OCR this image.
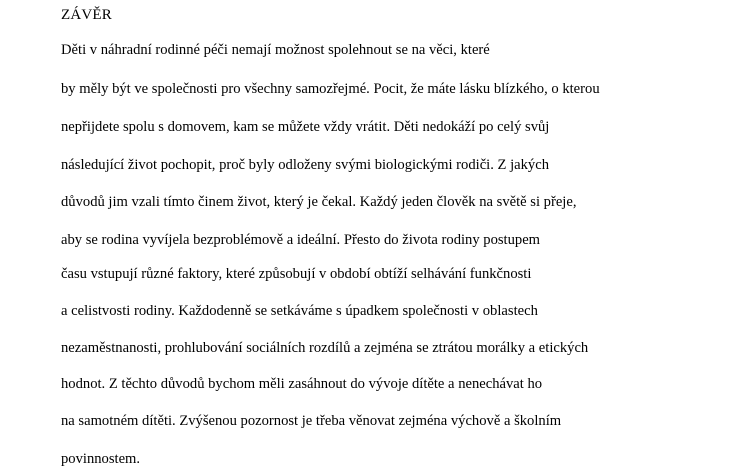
ZÁVĚR
Děti v náhradní rodinné péči nemají možnost spolehnout se na věci, které
by měly být ve společnosti pro všechny samozřejmé. Pocit, že máte lásku blízkého, o kterou
nepřijdete spolu s domovem, kam se můžete vždy vrátit. Děti nedokáží po celý svůj
následující život pochopit, proč byly odloženy svými biologickými rodiči. Z jakých
důvodů jim vzali tímto činem život, který je čekal. Každý jeden člověk na světě si přeje,
aby se rodina vyvíjela bezproblémově a ideální. Přesto do života rodiny postupem
času vstupují různé faktory, které způsobují v období obtíží selhávání funkčnosti
a celistvosti rodiny. Každodenně se setkáváme s úpadkem společnosti v oblastech
nezaměstnanosti, prohlubování sociálních rozdílů a zejména se ztrátou morálky a etických
hodnot. Z těchto důvodů bychom měli zasáhnout do vývoje dítěte a nenechávat ho
na samotném dítěti. Zvýšenou pozornost je třeba věnovat zejména výchově a školním
povinnostem.
